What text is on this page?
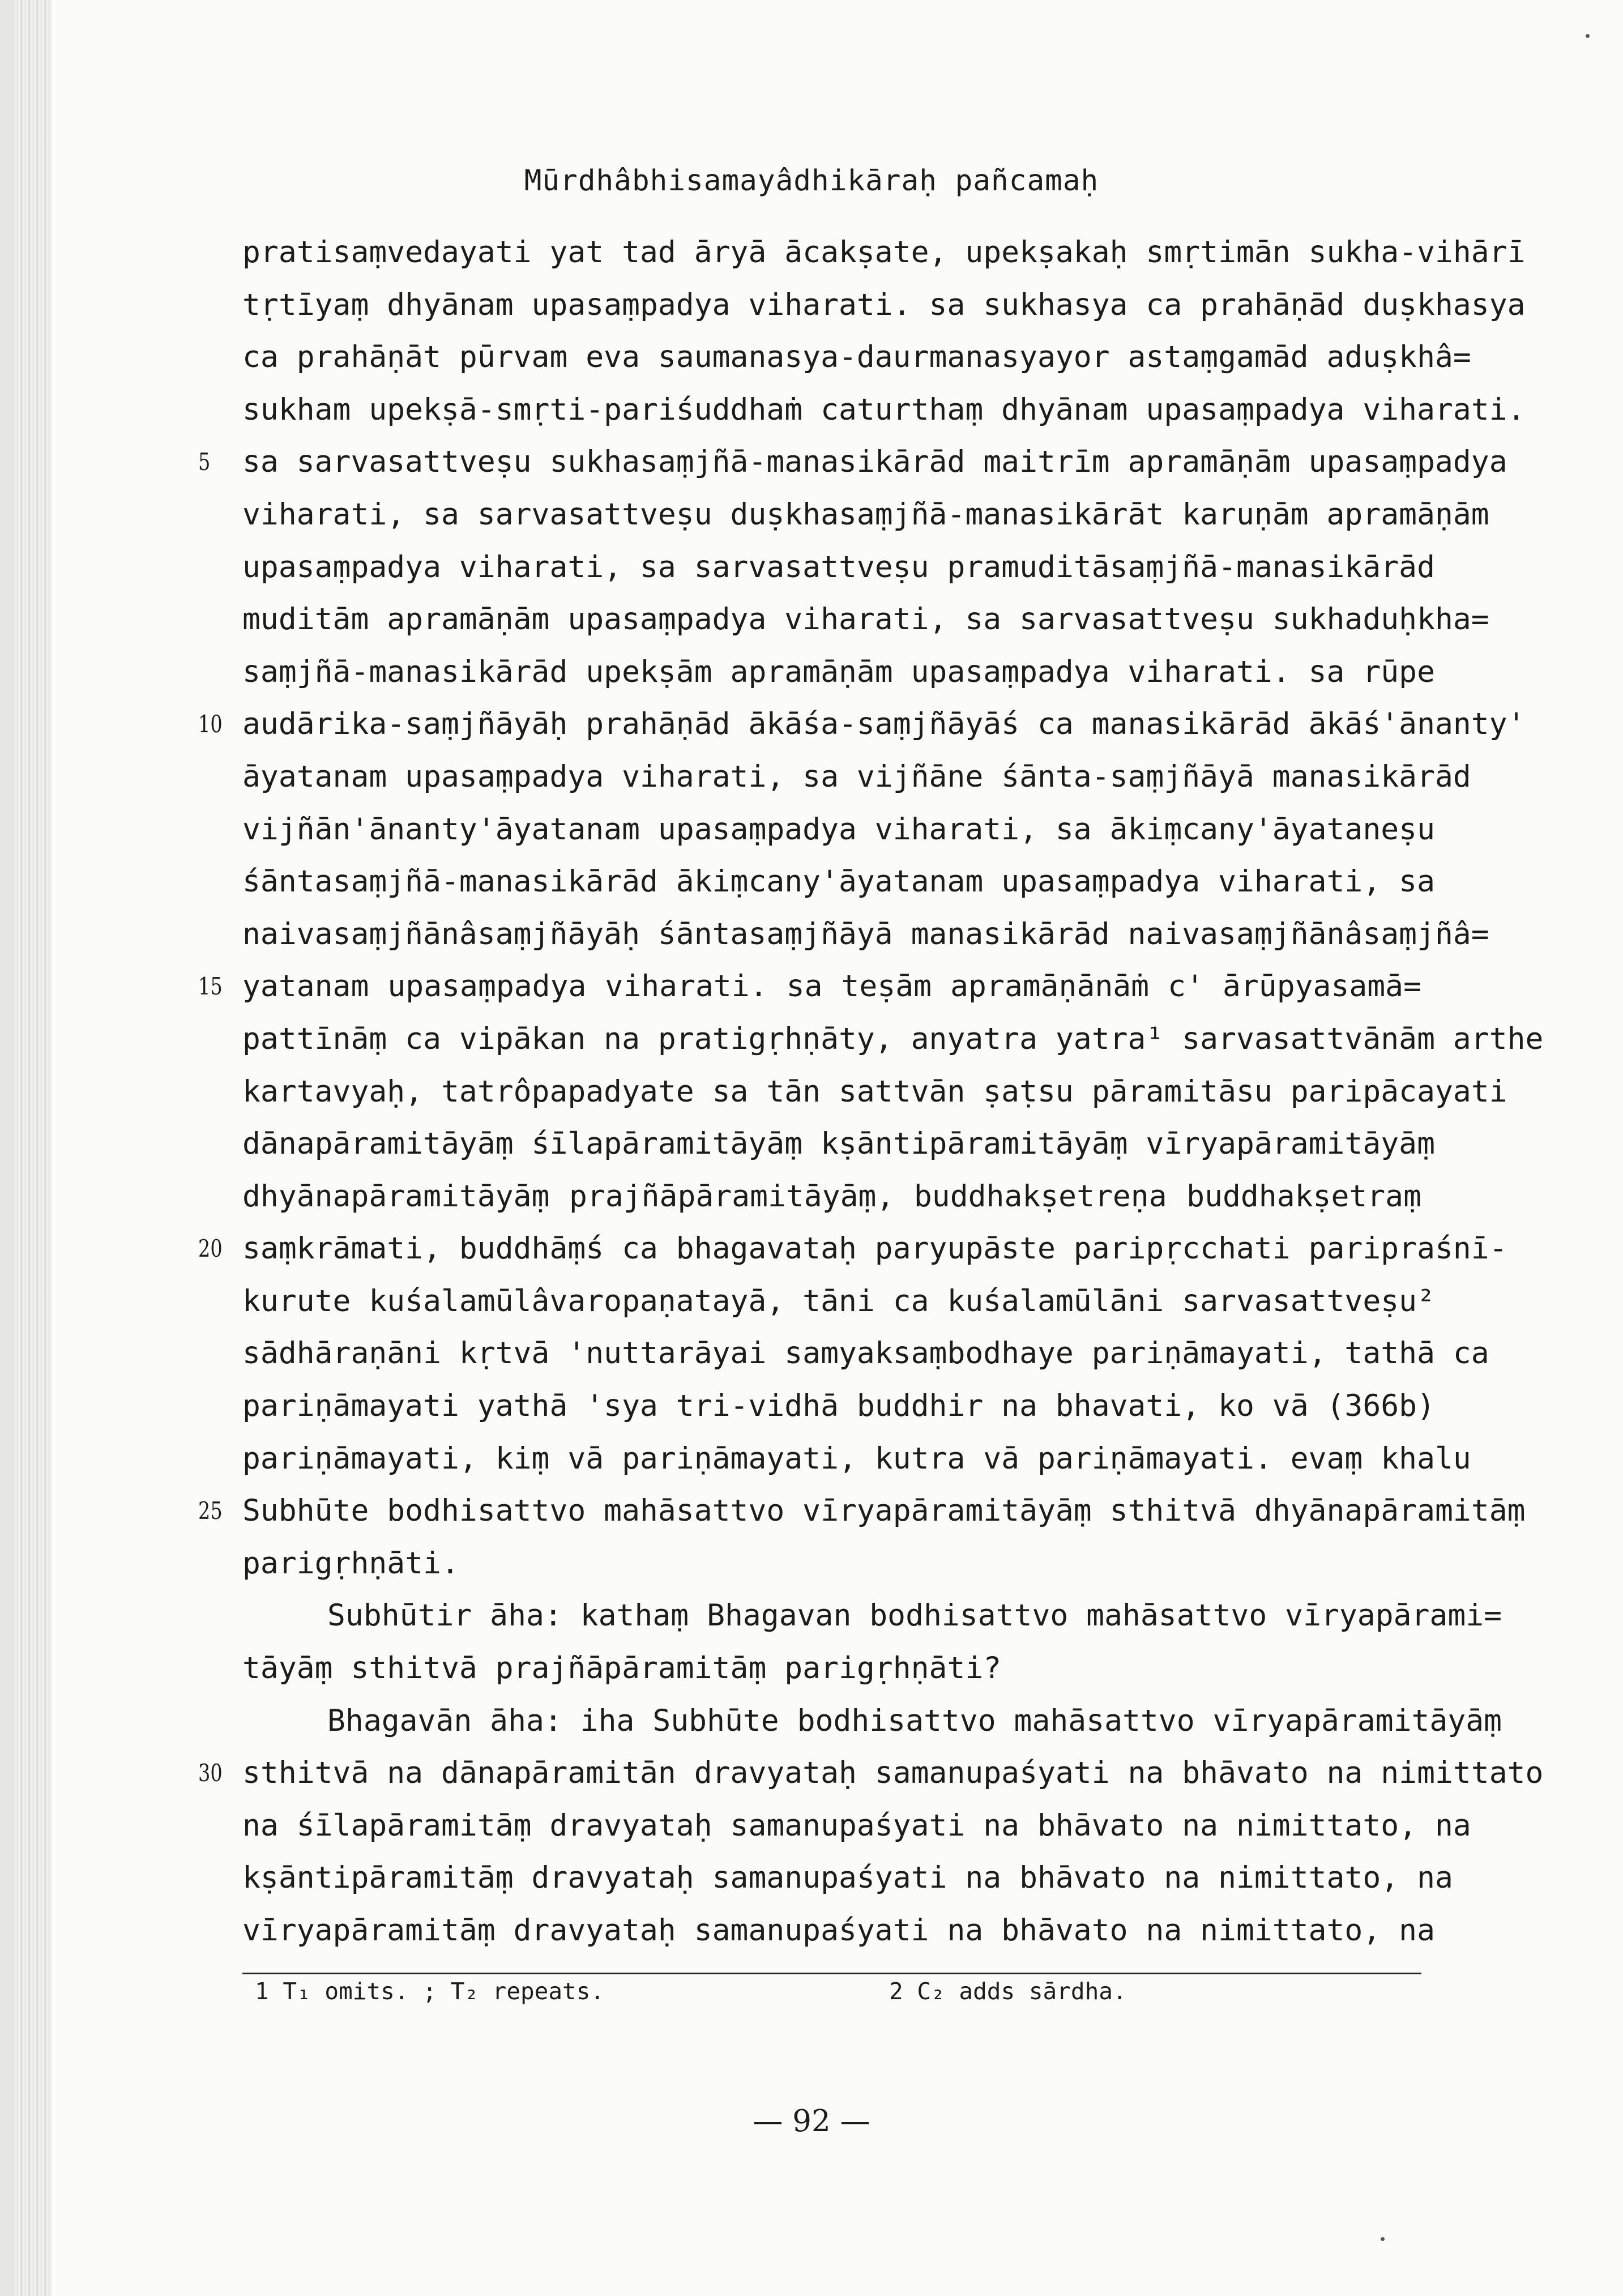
Mūrdhâbhisamayâdhikāraḥ pañcamaḥ
pratisaṃvedayati yat tad āryā ācakṣate, upekṣakaḥ smṛtimān sukha-vihārī
tṛtīyaṃ dhyānam upasaṃpadya viharati. sa sukhasya ca prahāṇād duṣkhasya
ca prahāṇāt pūrvam eva saumanasya-daurmanasyayor astaṃgamād aduṣkhâ=
sukham upekṣā-smṛti-pariśuddhaṁ caturthaṃ dhyānam upasaṃpadya viharati.
5 sa sarvasattveṣu sukhasaṃjñā-manasikārād maitrīm apramāṇām upasaṃpadya
viharati, sa sarvasattveṣu duṣkhasaṃjñā-manasikārāt karuṇām apramāṇām
upasaṃpadya viharati, sa sarvasattveṣu pramuditāsaṃjñā-manasikārād
muditām apramāṇām upasaṃpadya viharati, sa sarvasattveṣu sukhaduḥkha=
saṃjñā-manasikārād upekṣām apramāṇām upasaṃpadya viharati. sa rūpe
10 audārika-saṃjñāyāḥ prahāṇād ākāśa-saṃjñāyāś ca manasikārād ākāś'ānanty'
āyatanam upasaṃpadya viharati, sa vijñāne śānta-saṃjñāyā manasikārād
vijñān'ānanty'āyatanam upasaṃpadya viharati, sa ākiṃcany'āyataneṣu
śāntasaṃjñā-manasikārād ākiṃcany'āyatanam upasaṃpadya viharati, sa
naivasaṃjñānâsaṃjñāyāḥ śāntasaṃjñāyā manasikārād naivasaṃjñānâsaṃjñâ=
15 yatanam upasaṃpadya viharati. sa teṣām apramāṇānāṁ c' ārūpyasamā=
pattīnāṃ ca vipākan na pratigṛhṇāty, anyatra yatra¹ sarvasattvānām arthe
kartavyaḥ, tatrôpapadyate sa tān sattvān ṣaṭsu pāramitāsu paripācayati
dānapāramitāyāṃ śīlapāramitāyāṃ kṣāntipāramitāyāṃ vīryapāramitāyāṃ
dhyānapāramitāyāṃ prajñāpāramitāyāṃ, buddhakṣetreṇa buddhakṣetraṃ
20 saṃkrāmati, buddhāṃś ca bhagavataḥ paryupāste paripṛcchati paripraśnī-
kurute kuśalamūlâvaropaṇatayā, tāni ca kuśalamūlāni sarvasattveṣu²
sādhāraṇāni kṛtvā 'nuttarāyai samyaksaṃbodhaye pariṇāmayati, tathā ca
pariṇāmayati yathā 'sya tri-vidhā buddhir na bhavati, ko vā (366b)
pariṇāmayati, kiṃ vā pariṇāmayati, kutra vā pariṇāmayati. evaṃ khalu
25 Subhūte bodhisattvo mahāsattvo vīryapāramitāyāṃ sthitvā dhyānapāramitāṃ
parigṛhṇāti.
Subhūtir āha: kathaṃ Bhagavan bodhisattvo mahāsattvo vīryapārami=
tāyāṃ sthitvā prajñāpāramitāṃ parigṛhṇāti?
Bhagavān āha: iha Subhūte bodhisattvo mahāsattvo vīryapāramitāyāṃ
30 sthitvā na dānapāramitān dravyataḥ samanupaśyati na bhāvato na nimittato
na śīlapāramitāṃ dravyataḥ samanupaśyati na bhāvato na nimittato, na
kṣāntipāramitāṃ dravyataḥ samanupaśyati na bhāvato na nimittato, na
vīryapāramitāṃ dravyataḥ samanupaśyati na bhāvato na nimittato, na
1 T₁ omits. ; T₂ repeats.	2 C₂ adds sārdha.
— 92 —
